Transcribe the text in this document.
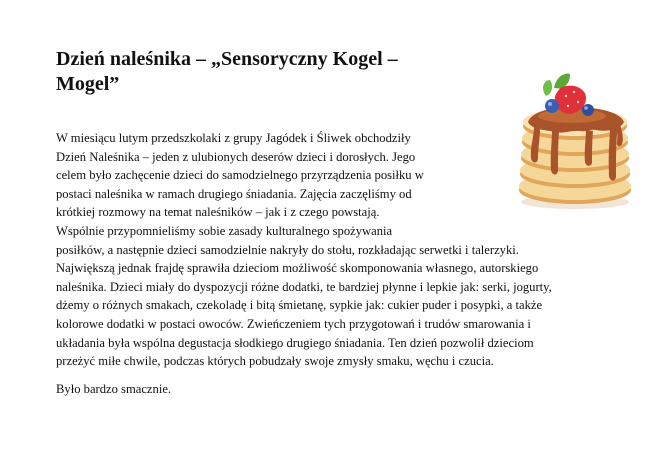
Dzień naleśnika – „Sensoryczny Kogel –
Mogel”

W miesiącu lutym przedszkolaki z grupy Jagódek i Śliwek obchodziły
Dzień Naleśnika – jeden z ulubionych deserów dzieci i dorosłych. Jego
celem było zachęcenie dzieci do samodzielnego przyrządzenia posiłku w
postaci naleśnika w ramach drugiego śniadania. Zajęcia zaczęliśmy od
krótkiej rozmowy na temat naleśników – jak i z czego powstają.
Wspólnie przypomnieliśmy sobie zasady kulturalnego spożywania
posiłków, a następnie dzieci samodzielnie nakryły do stołu, rozkładając serwetki i talerzyki.
Największą jednak frajdę sprawiła dzieciom możliwość skomponowania własnego, autorskiego
naleśnika. Dzieci miały do dyspozycji różne dodatki, te bardziej płynne i lepkie jak: serki, jogurty,
dżemy o różnych smakach, czekoladę i bitą śmietanę, sypkie jak: cukier puder i posypki, a także
kolorowe dodatki w postaci owoców. Zwieńczeniem tych przygotowań i trudów smarowania i
układania była wspólna degustacja słodkiego drugiego śniadania. Ten dzień pozwolił dzieciom
przeżyć miłe chwile, podczas których pobudzały swoje zmysły smaku, węchu i czucia.

Było bardzo smacznie.
